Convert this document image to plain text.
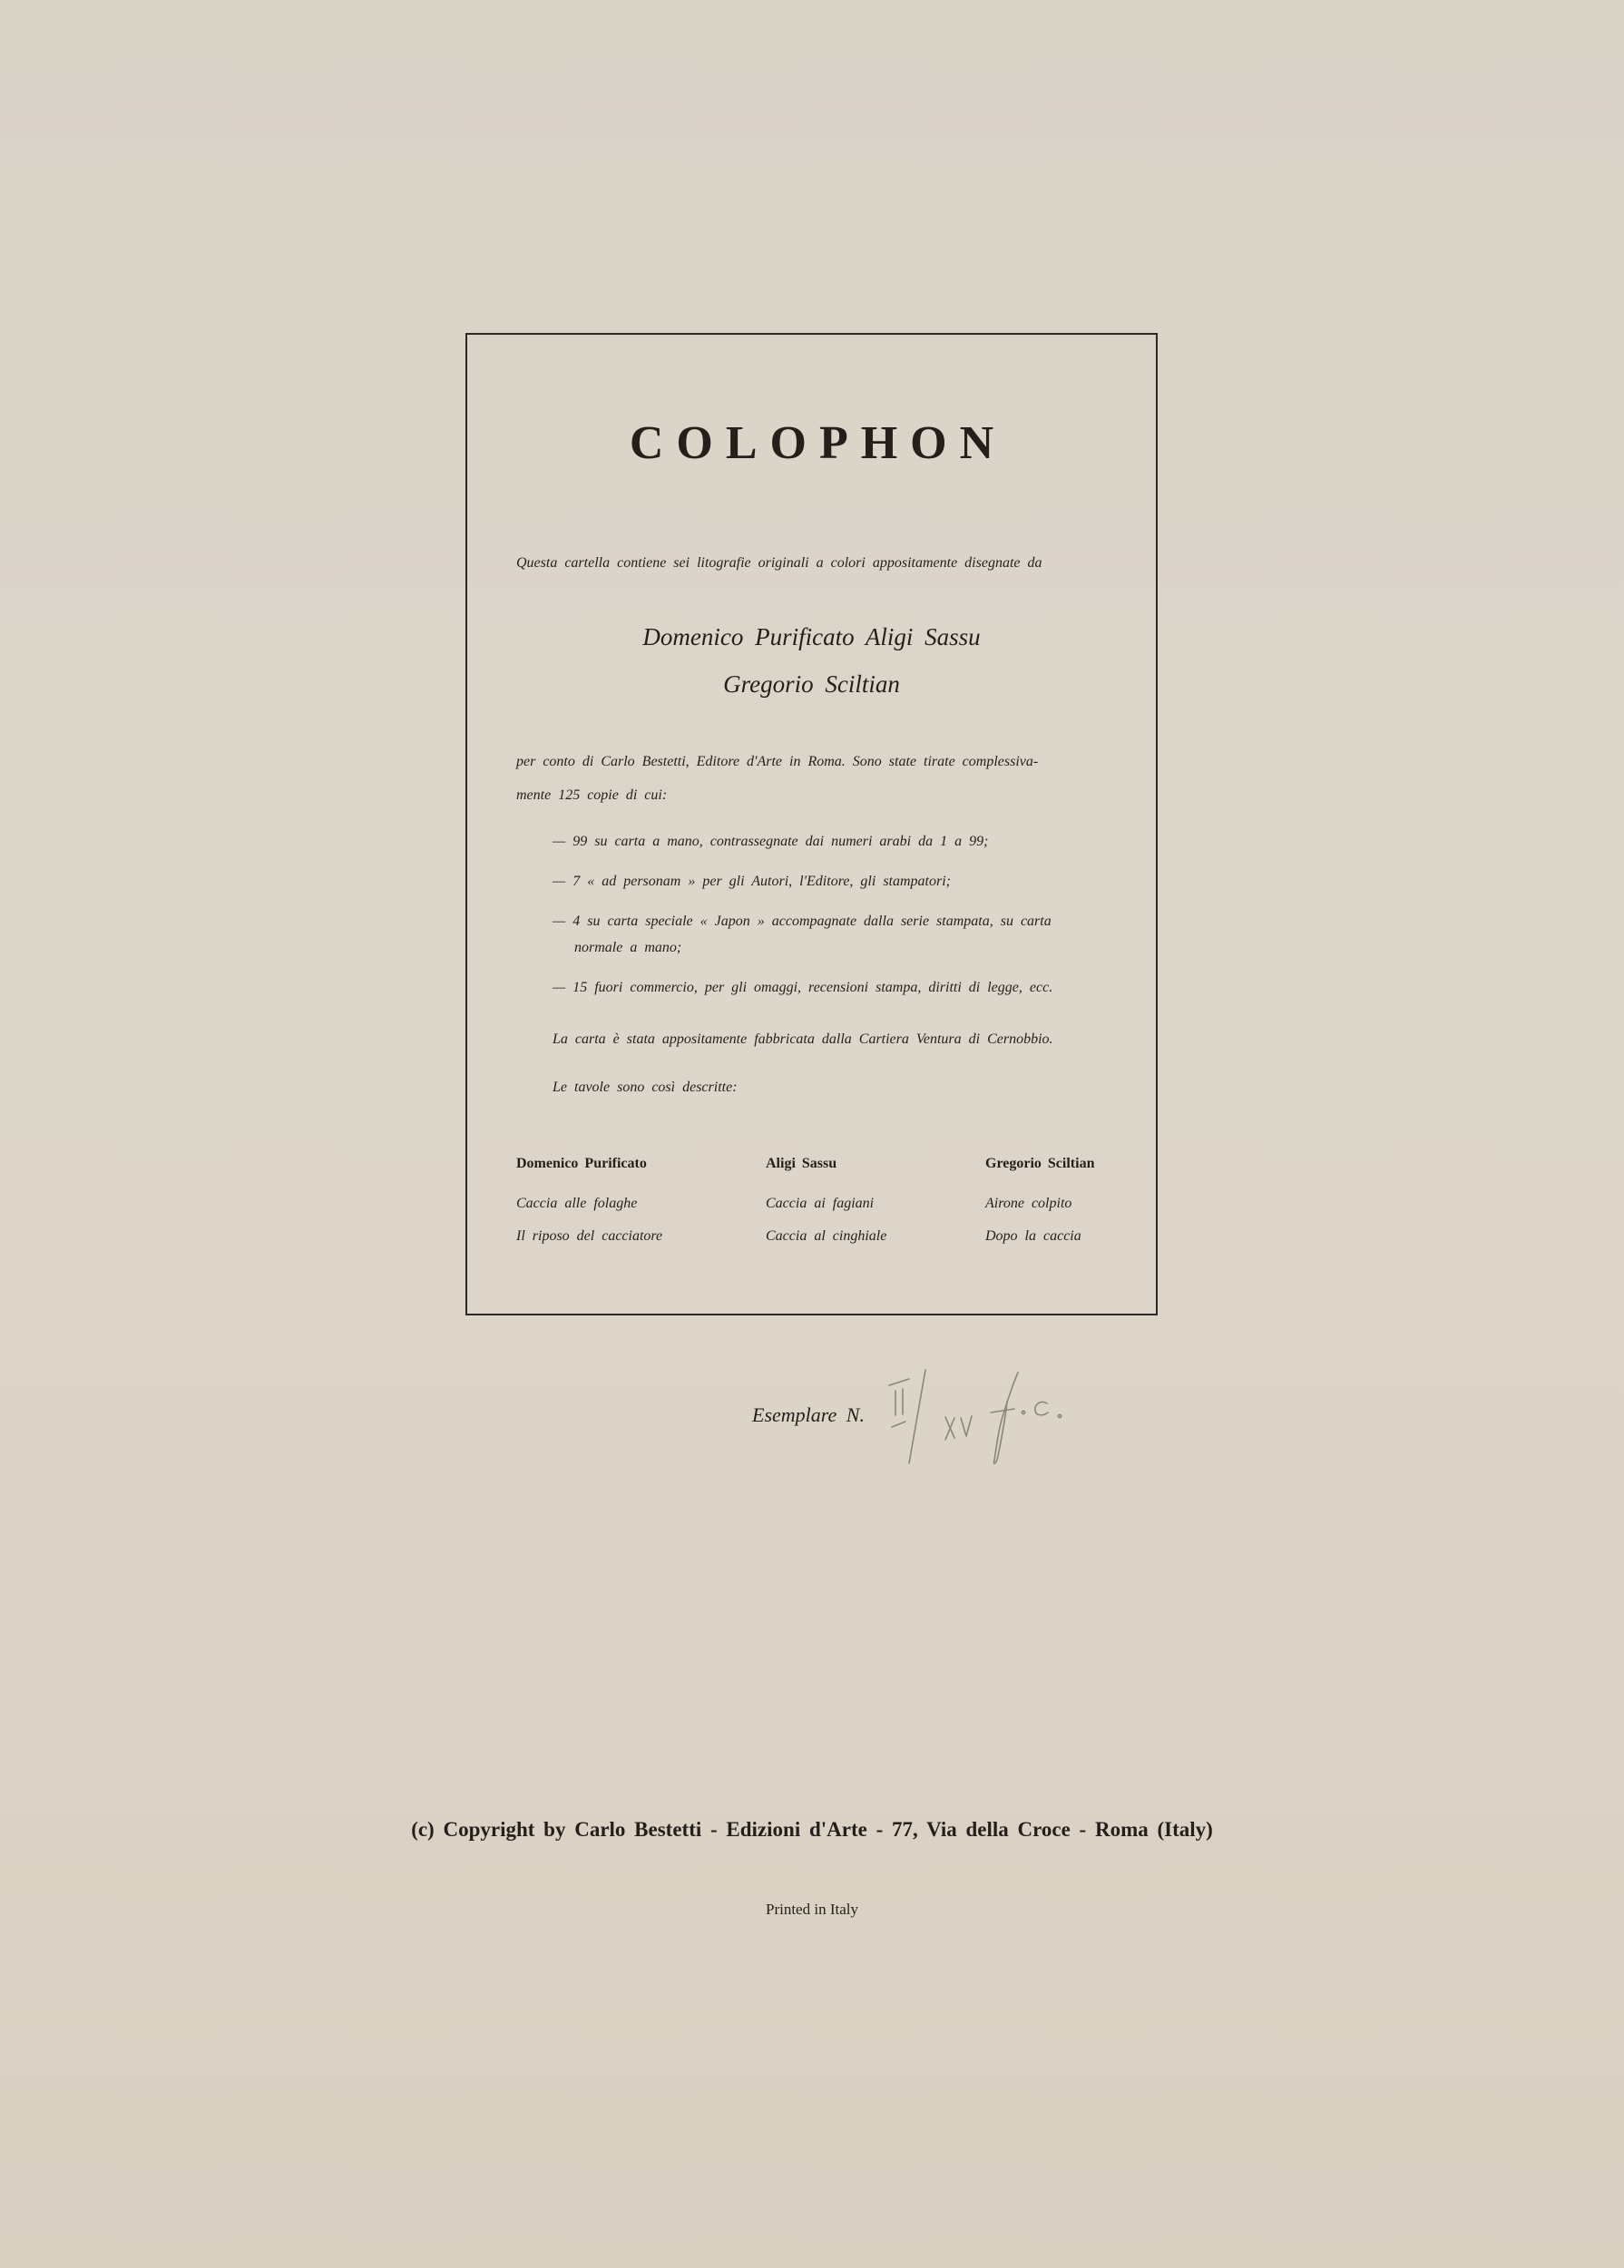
COLOPHON
Questa cartella contiene sei litografie originali a colori appositamente disegnate da
Domenico Purificato Aligi Sassu
Gregorio Sciltian
per conto di Carlo Bestetti, Editore d'Arte in Roma. Sono state tirate complessiva-
mente 125 copie di cui:
— 99 su carta a mano, contrassegnate dai numeri arabi da 1 a 99;
— 7 « ad personam » per gli Autori, l'Editore, gli stampatori;
— 4 su carta speciale « Japon » accompagnate dalla serie stampata, su carta
normale a mano;
— 15 fuori commercio, per gli omaggi, recensioni stampa, diritti di legge, ecc.
La carta è stata appositamente fabbricata dalla Cartiera Ventura di Cernobbio.
Le tavole sono così descritte:
Domenico Purificato
Caccia alle folaghe
Il riposo del cacciatore
Aligi Sassu
Caccia ai fagiani
Caccia al cinghiale
Gregorio Sciltian
Airone colpito
Dopo la caccia
Esemplare N.
(c) Copyright by Carlo Bestetti - Edizioni d'Arte - 77, Via della Croce - Roma (Italy)
Printed in Italy
